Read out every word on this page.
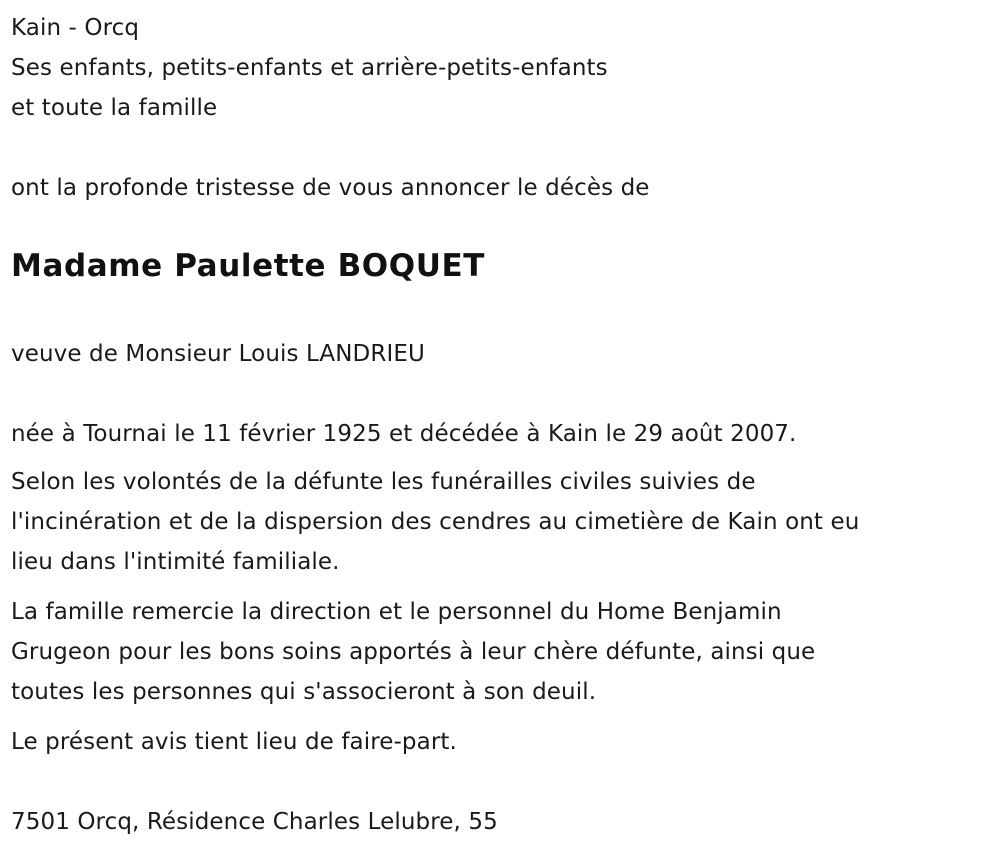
Kain - Orcq
Ses enfants, petits-enfants et arrière-petits-enfants
et toute la famille
ont la profonde tristesse de vous annoncer le décès de
Madame Paulette BOQUET
veuve de Monsieur Louis LANDRIEU
née à Tournai le 11 février 1925 et décédée à Kain le 29 août 2007.
Selon les volontés de la défunte les funérailles civiles suivies de
l'incinération et de la dispersion des cendres au cimetière de Kain ont eu
lieu dans l'intimité familiale.
La famille remercie la direction et le personnel du Home Benjamin
Grugeon pour les bons soins apportés à leur chère défunte, ainsi que
toutes les personnes qui s'associeront à son deuil.
Le présent avis tient lieu de faire-part.
7501 Orcq, Résidence Charles Lelubre, 55
